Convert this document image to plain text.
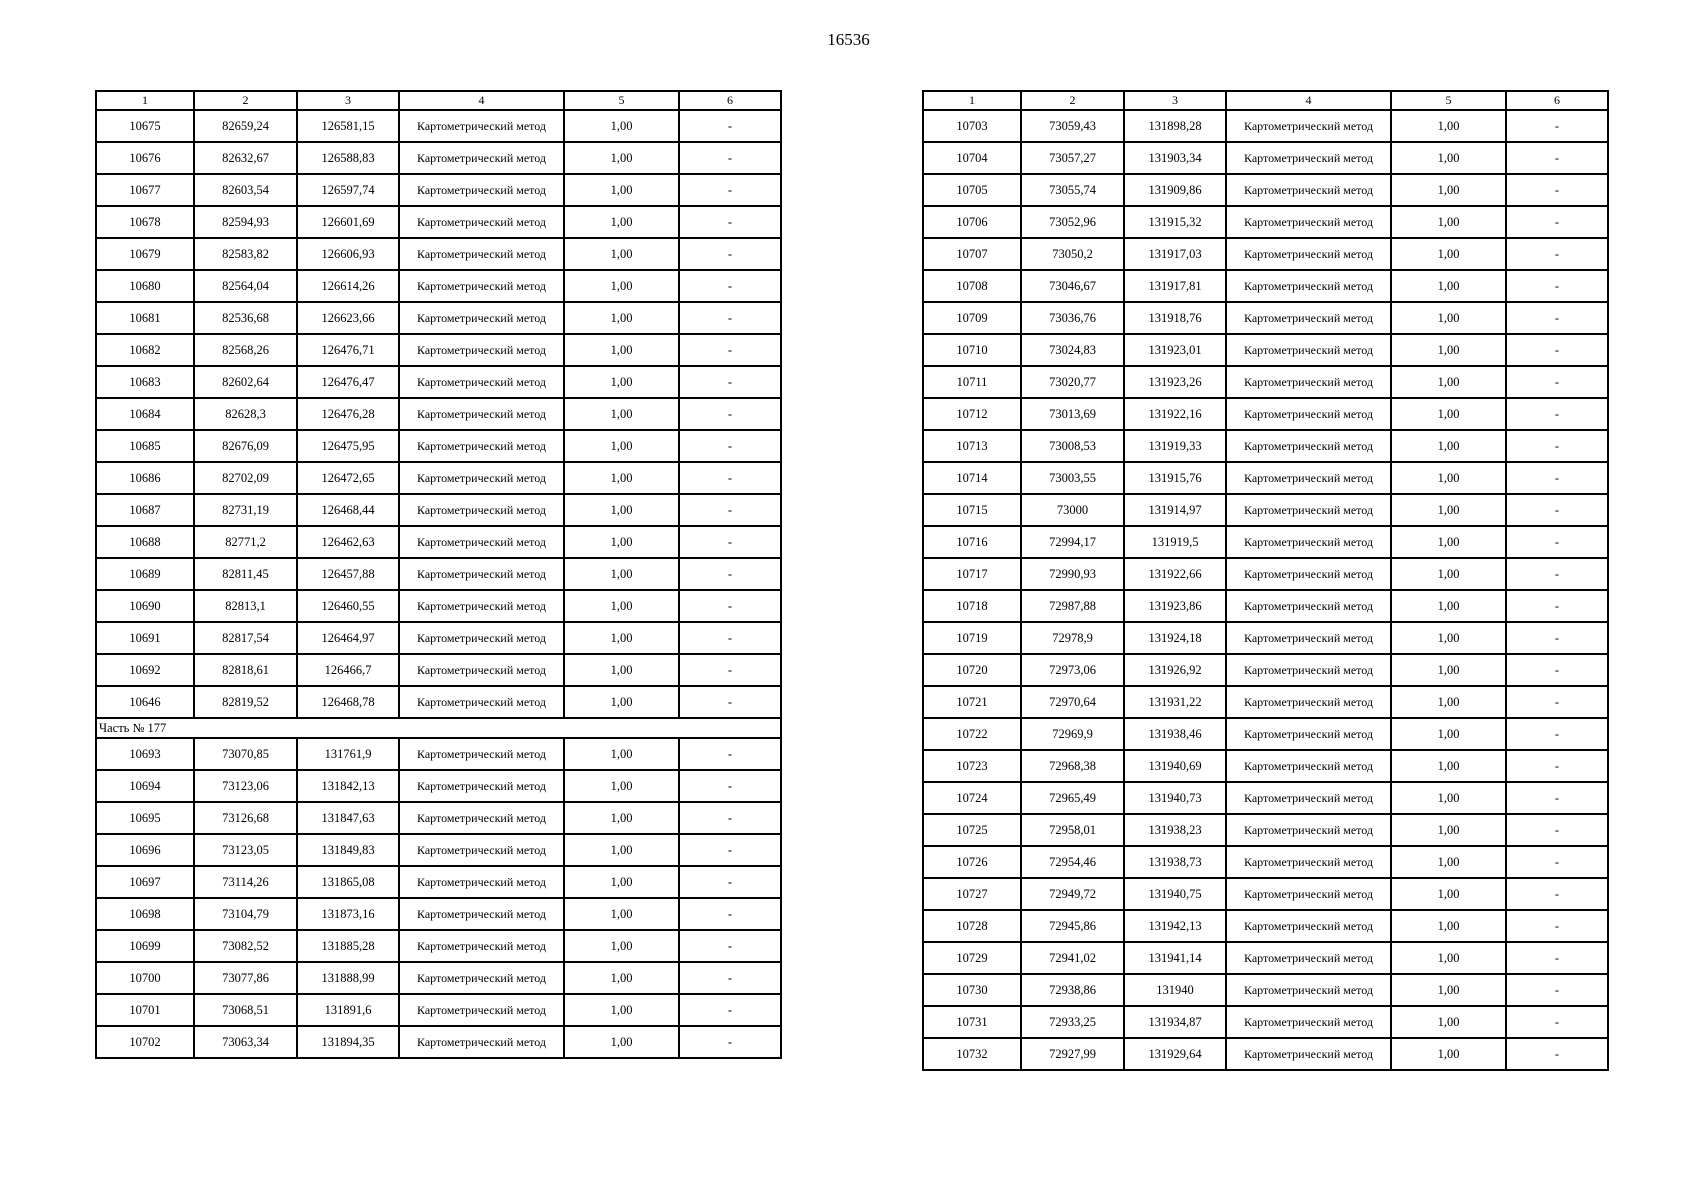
16536
1	2	3	4	5	6
10675	82659,24	126581,15	Картометрический метод	1,00	-
10676	82632,67	126588,83	Картометрический метод	1,00	-
10677	82603,54	126597,74	Картометрический метод	1,00	-
10678	82594,93	126601,69	Картометрический метод	1,00	-
10679	82583,82	126606,93	Картометрический метод	1,00	-
10680	82564,04	126614,26	Картометрический метод	1,00	-
10681	82536,68	126623,66	Картометрический метод	1,00	-
10682	82568,26	126476,71	Картометрический метод	1,00	-
10683	82602,64	126476,47	Картометрический метод	1,00	-
10684	82628,3	126476,28	Картометрический метод	1,00	-
10685	82676,09	126475,95	Картометрический метод	1,00	-
10686	82702,09	126472,65	Картометрический метод	1,00	-
10687	82731,19	126468,44	Картометрический метод	1,00	-
10688	82771,2	126462,63	Картометрический метод	1,00	-
10689	82811,45	126457,88	Картометрический метод	1,00	-
10690	82813,1	126460,55	Картометрический метод	1,00	-
10691	82817,54	126464,97	Картометрический метод	1,00	-
10692	82818,61	126466,7	Картометрический метод	1,00	-
10646	82819,52	126468,78	Картометрический метод	1,00	-
Часть № 177					
10693	73070,85	131761,9	Картометрический метод	1,00	-
10694	73123,06	131842,13	Картометрический метод	1,00	-
10695	73126,68	131847,63	Картометрический метод	1,00	-
10696	73123,05	131849,83	Картометрический метод	1,00	-
10697	73114,26	131865,08	Картометрический метод	1,00	-
10698	73104,79	131873,16	Картометрический метод	1,00	-
10699	73082,52	131885,28	Картометрический метод	1,00	-
10700	73077,86	131888,99	Картометрический метод	1,00	-
10701	73068,51	131891,6	Картометрический метод	1,00	-
10702	73063,34	131894,35	Картометрический метод	1,00	-
1	2	3	4	5	6
10703	73059,43	131898,28	Картометрический метод	1,00	-
10704	73057,27	131903,34	Картометрический метод	1,00	-
10705	73055,74	131909,86	Картометрический метод	1,00	-
10706	73052,96	131915,32	Картометрический метод	1,00	-
10707	73050,2	131917,03	Картометрический метод	1,00	-
10708	73046,67	131917,81	Картометрический метод	1,00	-
10709	73036,76	131918,76	Картометрический метод	1,00	-
10710	73024,83	131923,01	Картометрический метод	1,00	-
10711	73020,77	131923,26	Картометрический метод	1,00	-
10712	73013,69	131922,16	Картометрический метод	1,00	-
10713	73008,53	131919,33	Картометрический метод	1,00	-
10714	73003,55	131915,76	Картометрический метод	1,00	-
10715	73000	131914,97	Картометрический метод	1,00	-
10716	72994,17	131919,5	Картометрический метод	1,00	-
10717	72990,93	131922,66	Картометрический метод	1,00	-
10718	72987,88	131923,86	Картометрический метод	1,00	-
10719	72978,9	131924,18	Картометрический метод	1,00	-
10720	72973,06	131926,92	Картометрический метод	1,00	-
10721	72970,64	131931,22	Картометрический метод	1,00	-
10722	72969,9	131938,46	Картометрический метод	1,00	-
10723	72968,38	131940,69	Картометрический метод	1,00	-
10724	72965,49	131940,73	Картометрический метод	1,00	-
10725	72958,01	131938,23	Картометрический метод	1,00	-
10726	72954,46	131938,73	Картометрический метод	1,00	-
10727	72949,72	131940,75	Картометрический метод	1,00	-
10728	72945,86	131942,13	Картометрический метод	1,00	-
10729	72941,02	131941,14	Картометрический метод	1,00	-
10730	72938,86	131940	Картометрический метод	1,00	-
10731	72933,25	131934,87	Картометрический метод	1,00	-
10732	72927,99	131929,64	Картометрический метод	1,00	-
